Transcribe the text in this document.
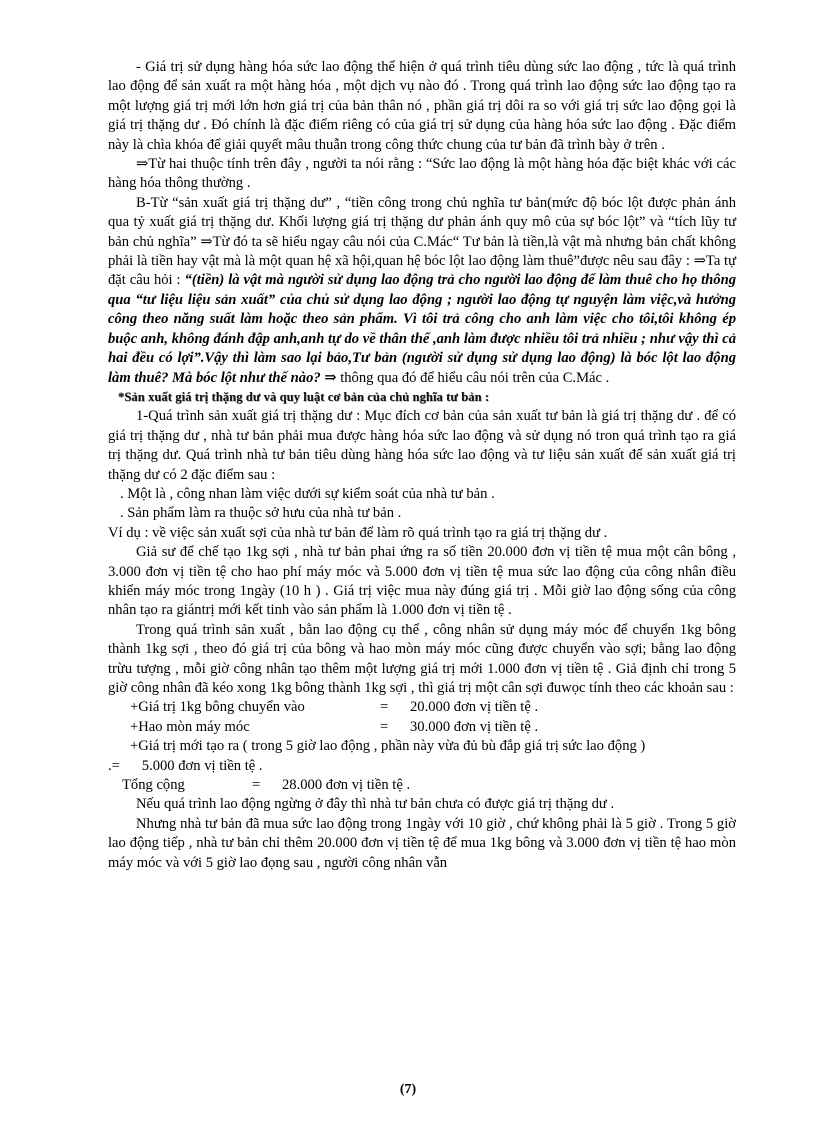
- Giá trị sử dụng hàng hóa sức lao động thể hiện ở quá trình tiêu dùng sức lao động , tức là quá trình lao động để sản xuất ra một hàng hóa , một dịch vụ nào đó . Trong quá trình lao động sức lao động tạo ra một lượng giá trị mới lớn hơn giá trị của bản thân nó , phần giá trị dôi ra so với giá trị sức lao động gọi là giá trị thặng dư . Đó chính là đặc điểm riêng có của giá trị sử dụng của hàng hóa sức lao động . Đặc điểm này là chìa khóa để giải quyết mâu thuẫn trong công thức chung của tư bản đã trình bày ở trên .

⇒Từ hai thuộc tính trên đây , người ta nói rằng : “Sức lao động là một hàng hóa đặc biệt khác với các hàng hóa thông thường .

B-Từ “sản xuất giá trị thặng dư” , “tiền công trong chủ nghĩa tư bản(mức độ bóc lột được phản ánh qua tỷ xuất giá trị thặng dư. Khối lượng giá trị thặng dư phản ánh quy mô của sự bóc lột” và “tích lũy tư bản chủ nghĩa” ⇒Từ đó ta sẽ hiểu ngay câu nói của C.Mác“ Tư bản là tiền,là vật mà nhưng bản chất không phải là tiền hay vật mà là một quan hệ xã hội,quan hệ bóc lột lao động làm thuê”được nêu sau đây : ⇒Ta tự đặt câu hỏi : “(tiền) là vật mà người sử dụng lao động trả cho người lao động để làm thuê cho họ thông qua “tư liệu liệu sản xuất” của chủ sử dụng lao động ; người lao động tự nguyện làm việc,và hưởng công theo năng suất làm hoặc theo sản phẩm. Vì tôi trả công cho anh làm việc cho tôi,tôi không ép buộc anh, không đánh đập anh,anh tự do về thân thể ,anh làm được nhiều tôi trả nhiều ; như vậy thì cả hai đều có lợi”.Vậy thì làm sao lại bảo,Tư bản (người sử dụng sử dụng lao động) là bóc lột lao động làm thuê? Mà bóc lột như thế nào? ⇒ thông qua đó để hiểu câu nói trên của C.Mác .

*Sản xuất giá trị thặng dư và quy luật cơ bản của chủ nghĩa tư bản :

1-Quá trình sản xuất giá trị thặng dư : Mục đích cơ bản của sản xuất tư bản là giá trị thặng dư . để có giá trị thặng dư , nhà tư bản phải mua được hàng hóa sức lao động và sử dụng nó tron quá trình tạo ra giá trị thặng dư. Quá trình nhà tư bản tiêu dùng hàng hóa sức lao động và tư liệu sản xuất để sản xuất giá trị thặng dư có 2 đặc điểm sau :

. Một là , công nhan làm việc dưới sự kiểm soát của nhà tư bản .

. Sản phẩm làm ra thuộc sở hưu của nhà tư bản .

Ví dụ : về việc sản xuất sợi của nhà tư bản để làm rõ quá trình tạo ra giá trị thặng dư .

Giả sư để chế tạo 1kg sợi , nhà tư bản phai ứng ra số tiền 20.000 đơn vị tiền tệ mua một cân bông , 3.000 đơn vị tiền tệ cho hao phí máy móc và 5.000 đơn vị tiền tệ mua sức lao động của công nhân điều khiển máy móc trong 1ngày (10 h ) . Giá trị việc mua này đúng giá trị . Mỗi giờ lao động sống của công nhân tạo ra giántrị mới kết tinh vào sản phẩm là 1.000 đơn vị tiền tệ .

Trong quá trình sản xuất , bằn lao động cụ thể , công nhân sử dụng máy móc để chuyển 1kg bông thành 1kg sợi , theo đó giá trị của bông và hao mòn máy móc cũng được chuyển vào sợi; bằng lao động trừu tượng , mỗi giờ công nhân tạo thêm một lượng giá trị mới 1.000 đơn vị tiền tệ . Giả định chỉ trong 5 giờ công nhân đã kéo xong 1kg bông thành 1kg sợi , thì giá trị một cân sợi đuwọc tính theo các khoản sau :

+Giá trị 1kg bông chuyển vào	=	20.000 đơn vị tiền tệ .
+Hao mòn máy móc	=	30.000 đơn vị tiền tệ .

+Giá trị mới tạo ra ( trong 5 giờ lao động , phần này vừa đủ bù đắp giá trị sức lao động )

.=      5.000 đơn vị tiền tệ .

Tổng cộng	=	28.000 đơn vị tiền tệ .

Nếu quá trình lao động ngừng ở đây thì nhà tư bản chưa có được giá trị thặng dư .

Nhưng nhà tư bản đã mua sức lao động trong 1ngày với 10 giờ , chứ không phải là 5 giờ . Trong 5 giờ lao động tiếp , nhà tư bản chỉ thêm 20.000 đơn vị tiền tệ để mua 1kg bông và 3.000 đơn vị tiền tệ hao mòn máy móc và với 5 giờ lao đọng sau , người công nhân vẫn

(7)
